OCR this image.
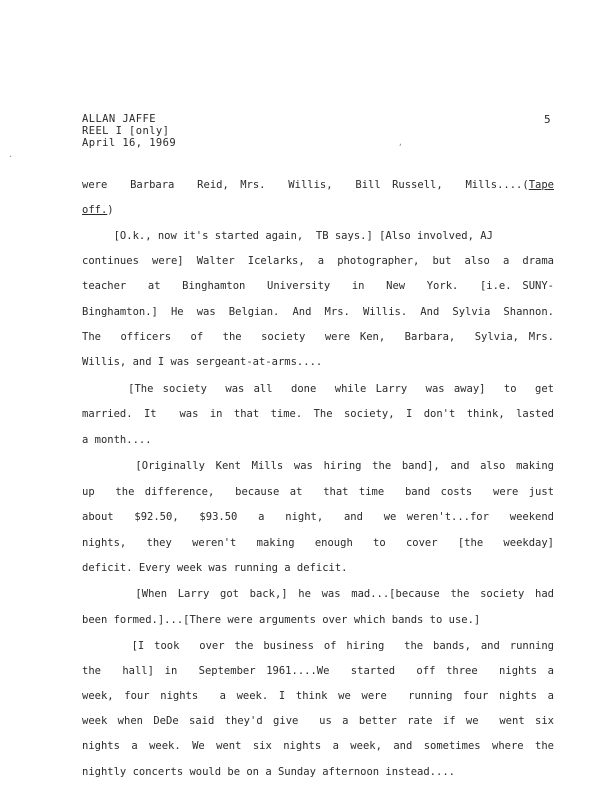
ALLAN JAFFE
REEL I [only]
April 16, 1969
5
were  Barbara  Reid, Mrs.  Willis,  Bill Russell,  Mills....(Tape
off.)
[O.k., now it's started again,  TB says.] [Also involved, AJ
continues were] Walter Icelarks, a photographer, but also a drama
teacher  at  Binghamton  University  in  New  York.  [i.e. SUNY-
Binghamton.] He was Belgian. And Mrs. Willis. And Sylvia Shannon.
The  officers  of  the  society  were Ken,  Barbara,  Sylvia, Mrs.
Willis, and I was sergeant-at-arms....
[The society  was all  done  while Larry  was away]  to  get
married. It  was in that time. The society, I don't think, lasted
a month....
[Originally Kent Mills was hiring the band], and also making
up  the difference,  because at  that time  band costs  were just
about  $92.50,  $93.50  a  night,  and  we weren't...for  weekend
nights,  they  weren't  making  enough  to  cover  [the  weekday]
deficit. Every week was running a deficit.
[When Larry got back,] he was mad...[because the society had
been formed.]...[There were arguments over which bands to use.]
[I took  over the business of hiring  the bands, and running
the  hall] in  September 1961....We  started  off three  nights a
week, four nights  a week. I think we were  running four nights a
week when DeDe said they'd give  us a better rate if we  went six
nights a week. We went six nights a week, and sometimes where the
nightly concerts would be on a Sunday afternoon instead....
.
,
